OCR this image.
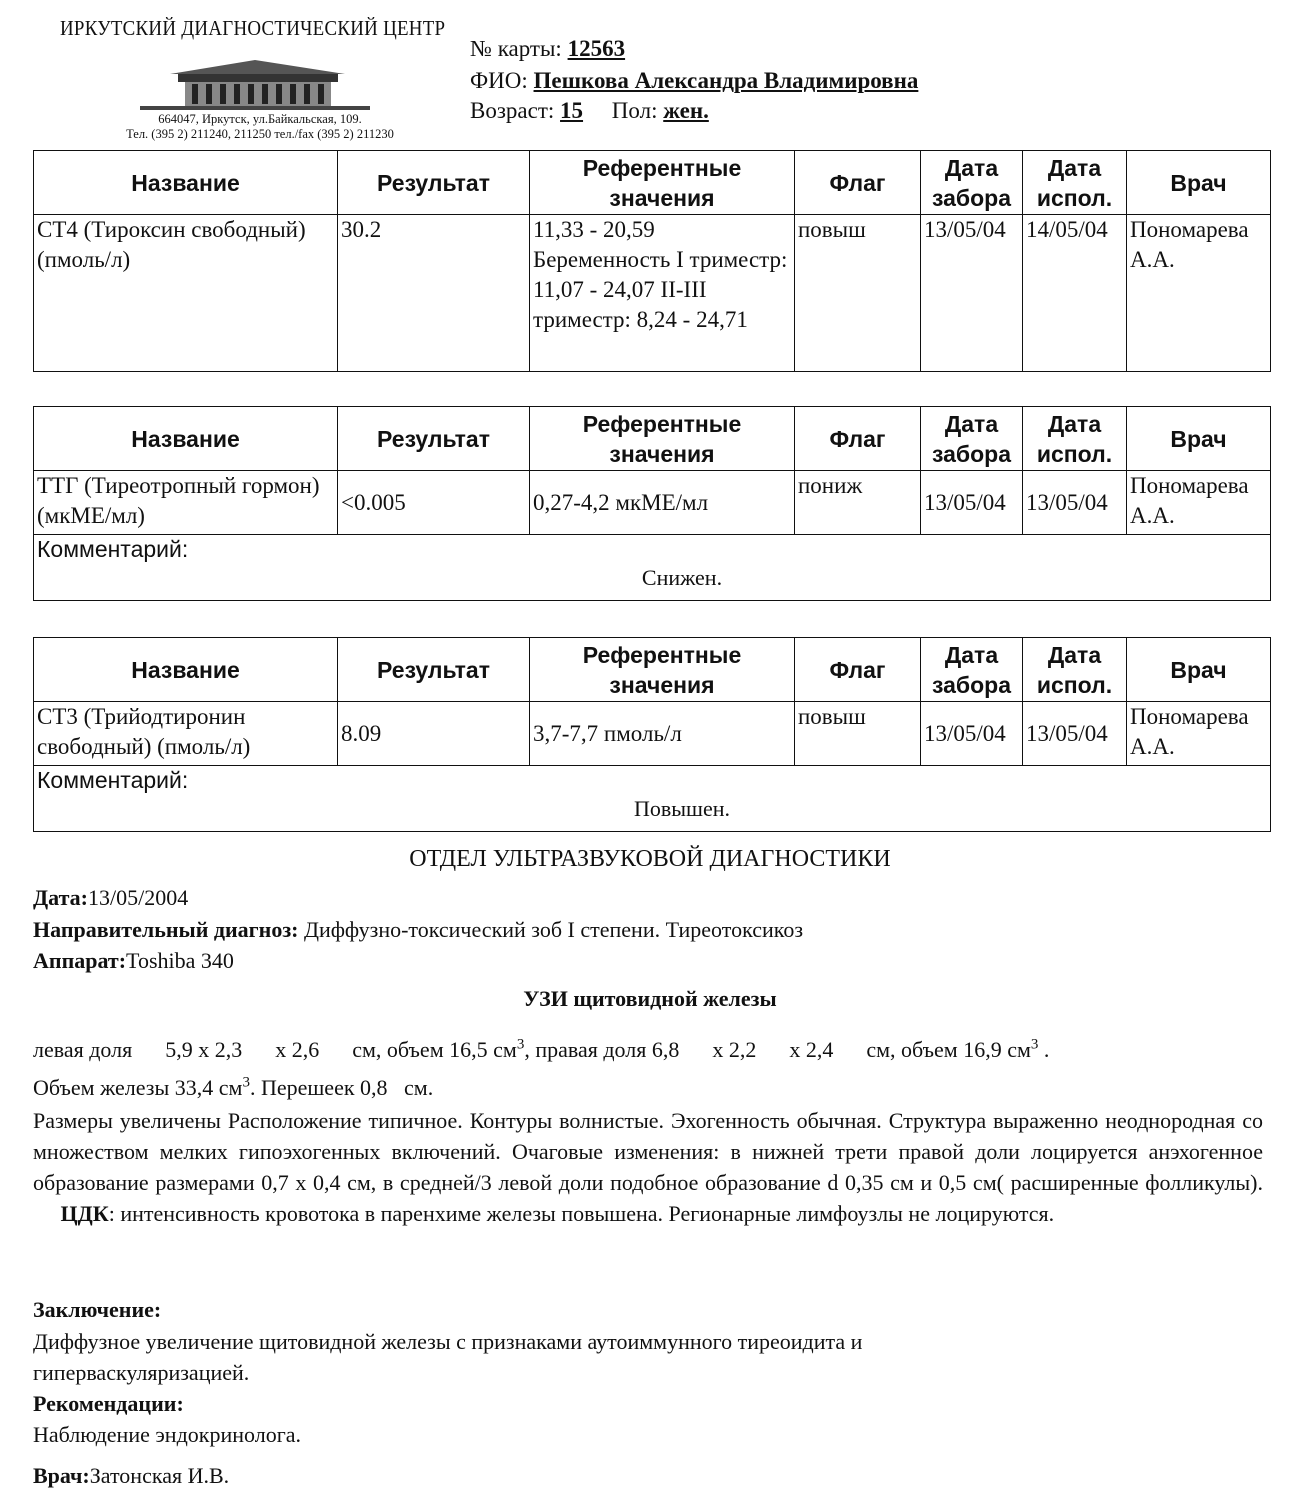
ИРКУТСКИЙ ДИАГНОСТИЧЕСКИЙ ЦЕНТР
664047, Иркутск, ул.Байкальская, 109.
Тел. (395 2) 211240, 211250 тел./fax (395 2) 211230
№ карты: 12563
ФИО: Пешкова Александра Владимировна
Возраст: 15 Пол: жен.
Название	Результат	Референтные значения	Флаг	Дата забора	Дата испол.	Врач
СТ4 (Тироксин свободный) (пмоль/л)	30.2	11,33 - 20,59 Беременность I триместр: 11,07 - 24,07 II-III триместр: 8,24 - 24,71	повыш	13/05/04	14/05/04	Пономарева А.А.
Название	Результат	Референтные значения	Флаг	Дата забора	Дата испол.	Врач
ТТГ (Тиреотропный гормон) (мкМЕ/мл)	<0.005	0,27-4,2 мкМЕ/мл	пониж	13/05/04	13/05/04	Пономарева А.А.

Комментарий:
Снижен.						
Название	Результат	Референтные значения	Флаг	Дата забора	Дата испол.	Врач
СТ3 (Трийодтиронин свободный) (пмоль/л)	8.09	3,7-7,7 пмоль/л	повыш	13/05/04	13/05/04	Пономарева А.А.

Комментарий:
Повышен.						
ОТДЕЛ УЛЬТРАЗВУКОВОЙ ДИАГНОСТИКИ
Дата:13/05/2004
Направительный диагноз: Диффузно-токсический зоб I степени. Тиреотоксикоз
Аппарат:Toshiba 340
УЗИ щитовидной железы
левая доля      5,9 х 2,3      х 2,6      см, объем 16,5 $см^3$, правая доля 6,8      х 2,2      х 2,4      см, объем 16,9 $см^3$ .
Объем железы 33,4 $см^3$. Перешеек 0,8   см.
Размеры увеличены Расположение типичное. Контуры волнистые. Эхогенность обычная. Структура выраженно неоднородная со множеством мелких гипоэхогенных включений. Очаговые изменения: в нижней трети правой доли лоцируется анэхогенное образование размерами 0,7 х 0,4 см, в средней/3 левой доли подобное образование d 0,35 см и 0,5 см( расширенные фолликулы).      ЦДК: интенсивность кровотока в паренхиме железы повышена. Регионарные лимфоузлы не лоцируются.
Заключение:
Диффузное увеличение щитовидной железы с признаками аутоиммунного тиреоидита и гиперваскуляризацией.
Рекомендации:
Наблюдение эндокринолога.
Врач:Затонская И.В.
